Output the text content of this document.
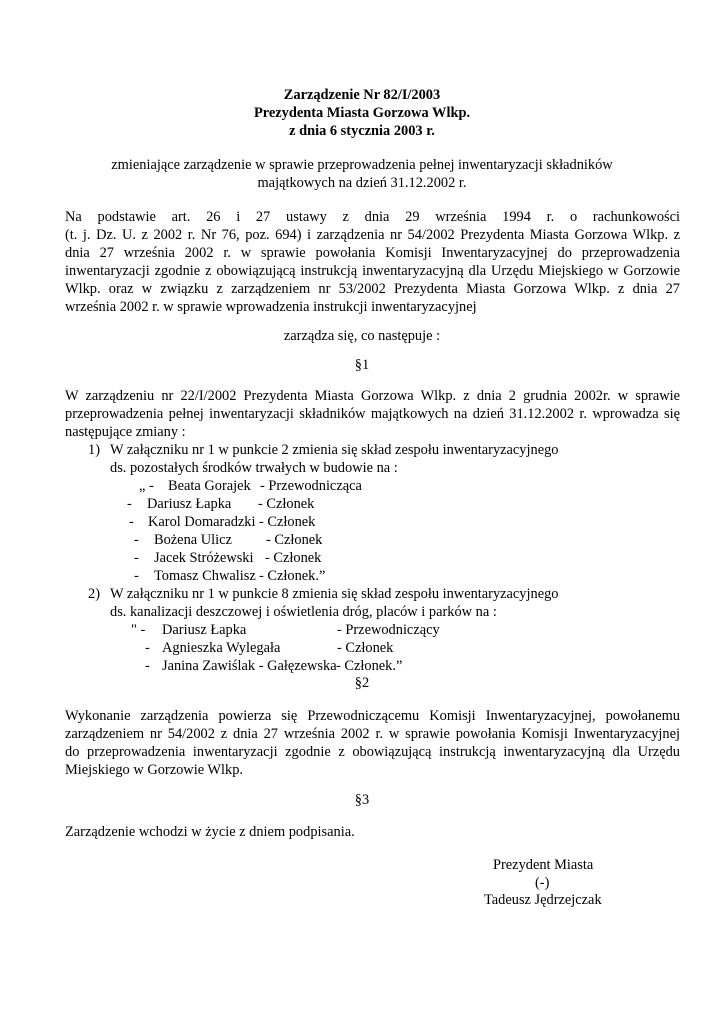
Zarządzenie Nr 82/I/2003
Prezydenta Miasta Gorzowa Wlkp.
z dnia 6 stycznia 2003 r.
zmieniające zarządzenie w sprawie przeprowadzenia pełnej inwentaryzacji składników
majątkowych na dzień 31.12.2002 r.
Na podstawie art. 26 i 27 ustawy z dnia 29 września 1994 r. o rachunkowości
(t. j. Dz. U. z 2002 r. Nr 76, poz. 694) i zarządzenia nr 54/2002 Prezydenta Miasta Gorzowa Wlkp. z
dnia 27 września 2002 r. w sprawie powołania Komisji Inwentaryzacyjnej do przeprowadzenia
inwentaryzacji zgodnie z obowiązującą instrukcją inwentaryzacyjną dla Urzędu Miejskiego w Gorzowie
Wlkp. oraz w związku z zarządzeniem nr 53/2002 Prezydenta Miasta Gorzowa Wlkp. z dnia 27
września 2002 r. w sprawie wprowadzenia instrukcji inwentaryzacyjnej
zarządza się, co następuje :
§1
W zarządzeniu nr 22/I/2002 Prezydenta Miasta Gorzowa Wlkp. z dnia 2 grudnia 2002r. w sprawie
przeprowadzenia pełnej inwentaryzacji składników majątkowych na dzień 31.12.2002 r. wprowadza się
następujące zmiany :
1) W załączniku nr 1 w punkcie 2 zmienia się skład zespołu inwentaryzacyjnego
ds. pozostałych środków trwałych w budowie na :
„ - Beata Gorajek - Przewodnicząca
- Dariusz Łapka - Członek
- Karol Domaradzki - Członek
- Bożena Ulicz - Członek
- Jacek Stróżewski - Członek
- Tomasz Chwalisz - Członek.”
2) W załączniku nr 1 w punkcie 8 zmienia się skład zespołu inwentaryzacyjnego
ds. kanalizacji deszczowej i oświetlenia dróg, placów i parków na :
" - Dariusz Łapka	- Przewodniczący
- Agnieszka Wylegała	- Członek
- Janina Zawiślak - Gałęzewska - Członek.”
§2
Wykonanie zarządzenia powierza się Przewodniczącemu Komisji Inwentaryzacyjnej, powołanemu
zarządzeniem nr 54/2002 z dnia 27 września 2002 r. w sprawie powołania Komisji Inwentaryzacyjnej
do przeprowadzenia inwentaryzacji zgodnie z obowiązującą instrukcją inwentaryzacyjną dla Urzędu
Miejskiego w Gorzowie Wlkp.
§3
Zarządzenie wchodzi w życie z dniem podpisania.
Prezydent Miasta
(-)
Tadeusz Jędrzejczak
